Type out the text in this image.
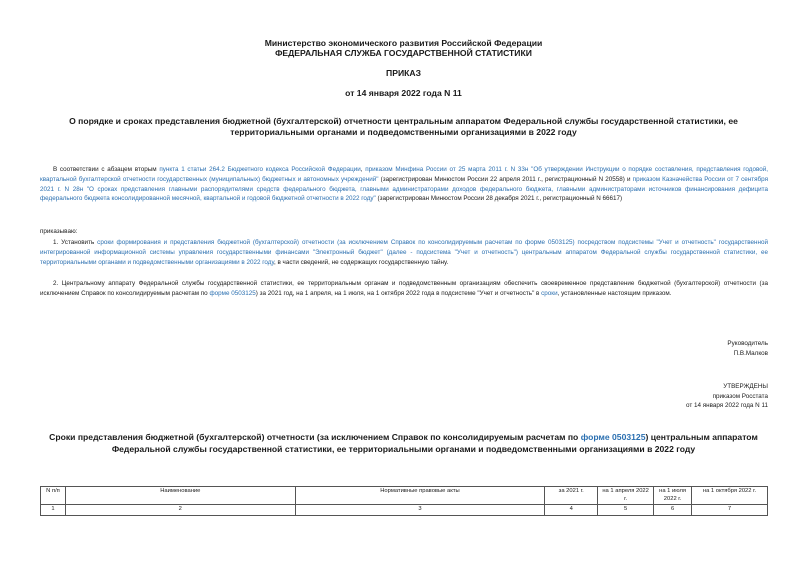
Министерство экономического развития Российской Федерации
ФЕДЕРАЛЬНАЯ СЛУЖБА ГОСУДАРСТВЕННОЙ СТАТИСТИКИ
ПРИКАЗ
от 14 января 2022 года N 11
О порядке и сроках представления бюджетной (бухгалтерской) отчетности центральным аппаратом Федеральной службы государственной статистики, ее
территориальными органами и подведомственными организациями в 2022 году
В соответствии с абзацем вторым пункта 1 статьи 264.2 Бюджетного кодекса Российской Федерации, приказом Минфина России от 25 марта 2011 г. N 33н "Об утверждении Инструкции о порядке составления, представления годовой, квартальной бухгалтерской отчетности государственных (муниципальных) бюджетных и автономных учреждений" (зарегистрирован Минюстом России 22 апреля 2011 г., регистрационный N 20558) и приказом Казначейства России от 7 сентября 2021 г. N 28н "О сроках представления главными распорядителями средств федерального бюджета, главными администраторами доходов федерального бюджета, главными администраторами источников финансирования дефицита федерального бюджета консолидированной месячной, квартальной и годовой бюджетной отчетности в 2022 году" (зарегистрирован Минюстом России 28 декабря 2021 г., регистрационный N 66617)
приказываю:
1. Установить сроки формирования и представления бюджетной (бухгалтерской) отчетности (за исключением Справок по консолидируемым расчетам по форме 0503125) посредством подсистемы "Учет и отчетность" государственной интегрированной информационной системы управления государственными финансами "Электронный бюджет" (далее - подсистема "Учет и отчетность") центральным аппаратом Федеральной службы государственной статистики, ее территориальными органами и подведомственными организациями в 2022 году, в части сведений, не содержащих государственную тайну.
2. Центральному аппарату Федеральной службы государственной статистики, ее территориальным органам и подведомственным организациям обеспечить своевременное представление бюджетной (бухгалтерской) отчетности (за исключением Справок по консолидируемым расчетам по форме 0503125) за 2021 год, на 1 апреля, на 1 июля, на 1 октября 2022 года в подсистеме "Учет и отчетность" в сроки, установленные настоящим приказом.
Руководитель
П.В.Малков
УТВЕРЖДЕНЫ
приказом Росстата
от 14 января 2022 года N 11
Сроки представления бюджетной (бухгалтерской) отчетности (за исключением Справок по консолидируемым расчетам по форме 0503125) центральным аппаратом
Федеральной службы государственной статистики, ее территориальными органами и подведомственными организациями в 2022 году
N п/п	Наименование	Нормативные правовые акты	за 2021 г.	на 1 апреля 2022 г.	на 1 июля 2022 г.	на 1 октября 2022 г.
1	2	3	4	5	6	7
